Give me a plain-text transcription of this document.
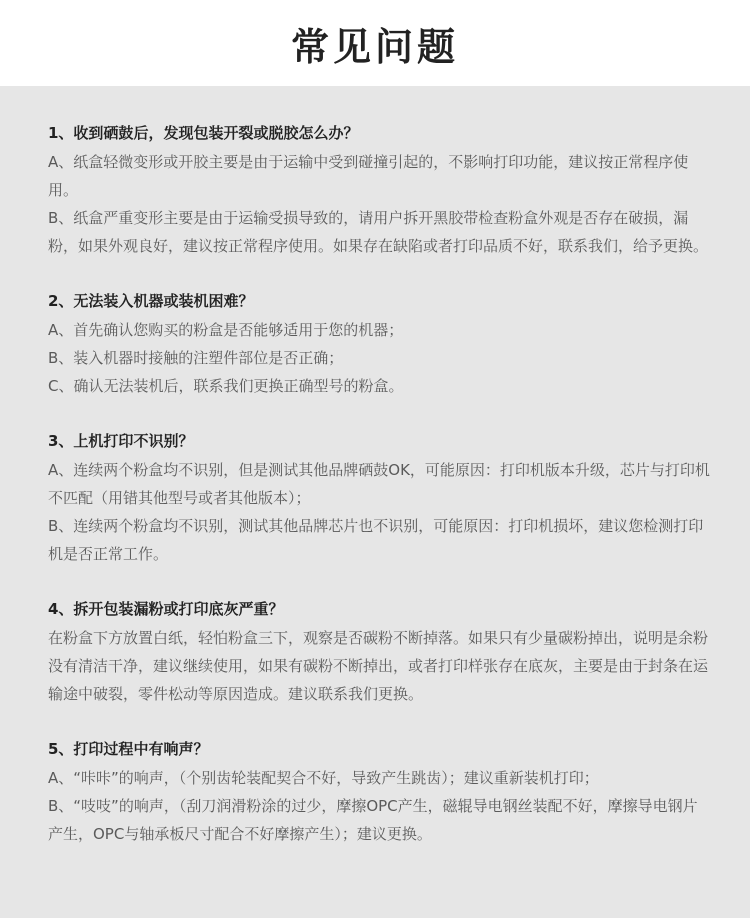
常见问题

1、收到硒鼓后，发现包装开裂或脱胶怎么办？

A、纸盒轻微变形或开胶主要是由于运输中受到碰撞引起的，不影响打印功能，建议按正常程序使用。

B、纸盒严重变形主要是由于运输受损导致的，请用户拆开黑胶带检查粉盒外观是否存在破损，漏粉，如果外观良好，建议按正常程序使用。如果存在缺陷或者打印品质不好，联系我们，给予更换。

2、无法装入机器或装机困难？

A、首先确认您购买的粉盒是否能够适用于您的机器；

B、装入机器时接触的注塑件部位是否正确；

C、确认无法装机后，联系我们更换正确型号的粉盒。

3、上机打印不识别？

A、连续两个粉盒均不识别，但是测试其他品牌硒鼓OK，可能原因：打印机版本升级，芯片与打印机不匹配（用错其他型号或者其他版本）；

B、连续两个粉盒均不识别，测试其他品牌芯片也不识别，可能原因：打印机损坏，建议您检测打印机是否正常工作。

4、拆开包装漏粉或打印底灰严重？

在粉盒下方放置白纸，轻怕粉盒三下，观察是否碳粉不断掉落。如果只有少量碳粉掉出，说明是余粉没有清洁干净，建议继续使用，如果有碳粉不断掉出，或者打印样张存在底灰，主要是由于封条在运输途中破裂，零件松动等原因造成。建议联系我们更换。

5、打印过程中有响声？

A、“咔咔”的响声，（个别齿轮装配契合不好，导致产生跳齿）；建议重新装机打印；

B、“吱吱”的响声，（刮刀润滑粉涂的过少，摩擦OPC产生，磁辊导电钢丝装配不好，摩擦导电钢片产生，OPC与轴承板尺寸配合不好摩擦产生）；建议更换。
